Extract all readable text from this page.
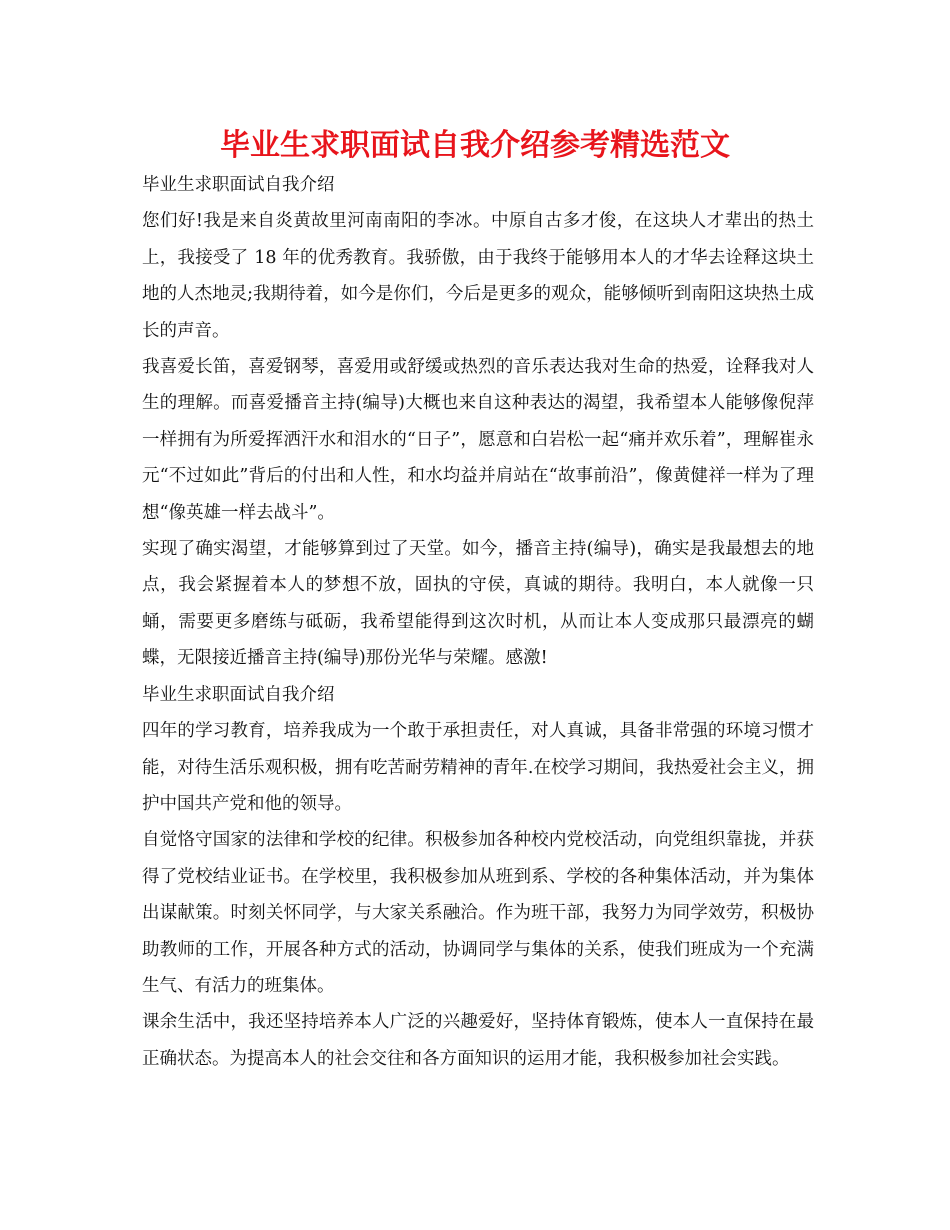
毕业生求职面试自我介绍参考精选范文

毕业生求职面试自我介绍

您们好!我是来自炎黄故里河南南阳的李冰。中原自古多才俊，在这块人才辈出的热土上，我接受了 18 年的优秀教育。我骄傲，由于我终于能够用本人的才华去诠释这块土地的人杰地灵;我期待着，如今是你们，今后是更多的观众，能够倾听到南阳这块热土成长的声音。

我喜爱长笛，喜爱钢琴，喜爱用或舒缓或热烈的音乐表达我对生命的热爱，诠释我对人生的理解。而喜爱播音主持(编导)大概也来自这种表达的渴望，我希望本人能够像倪萍一样拥有为所爱挥洒汗水和泪水的“日子”，愿意和白岩松一起“痛并欢乐着”，理解崔永元“不过如此”背后的付出和人性，和水均益并肩站在“故事前沿”，像黄健祥一样为了理想“像英雄一样去战斗”。

实现了确实渴望，才能够算到过了天堂。如今，播音主持(编导)，确实是我最想去的地点，我会紧握着本人的梦想不放，固执的守侯，真诚的期待。我明白，本人就像一只蛹，需要更多磨练与砥砺，我希望能得到这次时机，从而让本人变成那只最漂亮的蝴蝶，无限接近播音主持(编导)那份光华与荣耀。感激!

毕业生求职面试自我介绍

四年的学习教育，培养我成为一个敢于承担责任，对人真诚，具备非常强的环境习惯才能，对待生活乐观积极，拥有吃苦耐劳精神的青年.在校学习期间，我热爱社会主义，拥护中国共产党和他的领导。

自觉恪守国家的法律和学校的纪律。积极参加各种校内党校活动，向党组织靠拢，并获得了党校结业证书。在学校里，我积极参加从班到系、学校的各种集体活动，并为集体出谋献策。时刻关怀同学，与大家关系融洽。作为班干部，我努力为同学效劳，积极协助教师的工作，开展各种方式的活动，协调同学与集体的关系，使我们班成为一个充满生气、有活力的班集体。

课余生活中，我还坚持培养本人广泛的兴趣爱好，坚持体育锻炼，使本人一直保持在最正确状态。为提高本人的社会交往和各方面知识的运用才能，我积极参加社会实践。
